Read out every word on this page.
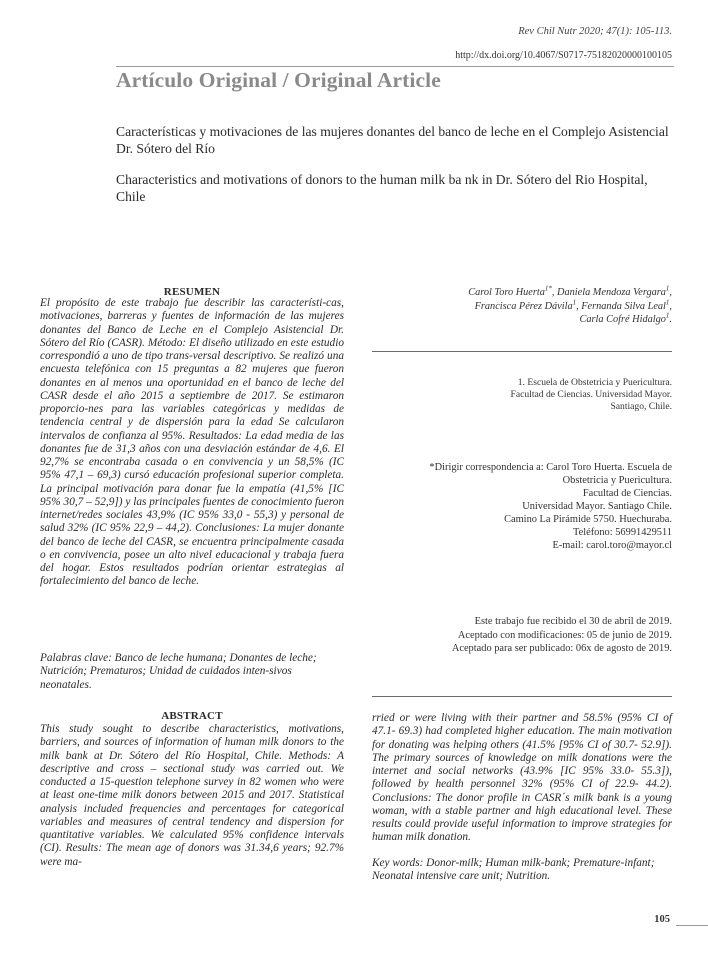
Rev Chil Nutr 2020; 47(1): 105-113.
http://dx.doi.org/10.4067/S0717-75182020000100105
Artículo Original / Original Article
Características y motivaciones de las mujeres donantes del banco de leche en el Complejo Asistencial Dr. Sótero del Río
Characteristics and motivations of donors to the human milk ba nk in Dr. Sótero del Rio Hospital, Chile
RESUMEN
El propósito de este trabajo fue describir las característi-cas, motivaciones, barreras y fuentes de información de las mujeres donantes del Banco de Leche en el Complejo Asistencial Dr. Sótero del Río (CASR). Método: El diseño utilizado en este estudio correspondió a uno de tipo trans-versal descriptivo. Se realizó una encuesta telefónica con 15 preguntas a 82 mujeres que fueron donantes en al menos una oportunidad en el banco de leche del CASR desde el año 2015 a septiembre de 2017. Se estimaron proporcio-nes para las variables categóricas y medidas de tendencia central y de dispersión para la edad Se calcularon intervalos de confianza al 95%. Resultados: La edad media de las donantes fue de 31,3 años con una desviación estándar de 4,6. El 92,7% se encontraba casada o en convivencia y un 58,5% (IC 95% 47,1 – 69,3) cursó educación profesional superior completa. La principal motivación para donar fue la empatía (41,5% [IC 95% 30,7 – 52,9]) y las principales fuentes de conocimiento fueron internet/redes sociales 43,9% (IC 95% 33,0 - 55,3) y personal de salud 32% (IC 95% 22,9 – 44,2). Conclusiones: La mujer donante del banco de leche del CASR, se encuentra principalmente casada o en convivencia, posee un alto nivel educacional y trabaja fuera del hogar. Estos resultados podrían orientar estrategias al fortalecimiento del banco de leche.
Palabras clave: Banco de leche humana; Donantes de leche; Nutrición; Prematuros; Unidad de cuidados inten-sivos neonatales.
ABSTRACT
This study sought to describe characteristics, motivations, barriers, and sources of information of human milk donors to the milk bank at Dr. Sótero del Río Hospital, Chile. Methods: A descriptive and cross – sectional study was carried out. We conducted a 15-question telephone survey in 82 women who were at least one-time milk donors between 2015 and 2017. Statistical analysis included frequencies and percentages for categorical variables and measures of central tendency and dispersion for quantitative variables. We calculated 95% confidence intervals (CI). Results: The mean age of donors was 31.34,6 years; 92.7% were ma-
Carol Toro Huerta$^{1*}$, Daniela Mendoza Vergara$^1$,
Francisca Pérez Dávila$^1$, Fernanda Silva Leal$^1$,
Carla Cofré Hidalgo$^1$.
1. Escuela de Obstetricia y Puericultura.
Facultad de Ciencias. Universidad Mayor.
Santiago, Chile.
*Dirigir correspondencia a: Carol Toro Huerta. Escuela de
Obstetricia y Puericultura.
Facultad de Ciencias.
Universidad Mayor. Santiago Chile.
Camino La Pirámide 5750. Huechuraba.
Teléfono: 56991429511
E-mail: carol.toro@mayor.cl
Este trabajo fue recibido el 30 de abril de 2019.
Aceptado con modificaciones: 05 de junio de 2019.
Aceptado para ser publicado: 06x de agosto de 2019.
rried or were living with their partner and 58.5% (95% CI of 47.1- 69.3) had completed higher education. The main motivation for donating was helping others (41.5% [95% CI of 30.7- 52.9]). The primary sources of knowledge on milk donations were the internet and social networks (43.9% [IC 95% 33.0- 55.3]), followed by health personnel 32% (95% CI of 22.9- 44.2). Conclusions: The donor profile in CASR´s milk bank is a young woman, with a stable partner and high educational level. These results could provide useful information to improve strategies for human milk donation.
Key words: Donor-milk; Human milk-bank; Premature-infant; Neonatal intensive care unit; Nutrition.
105
